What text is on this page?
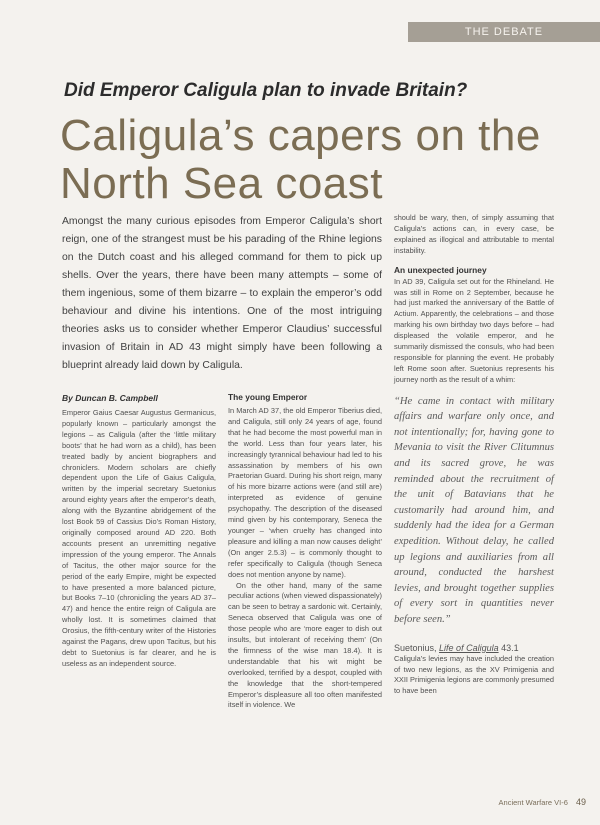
THE DEBATE
Did Emperor Caligula plan to invade Britain?
Caligula’s capers on the North Sea coast
Amongst the many curious episodes from Emperor Caligula’s short reign, one of the strangest must be his parading of the Rhine legions on the Dutch coast and his alleged command for them to pick up shells. Over the years, there have been many attempts – some of them ingenious, some of them bizarre – to explain the emperor’s odd behaviour and divine his intentions. One of the most intriguing theories asks us to consider whether Emperor Claudius’ successful invasion of Britain in AD 43 might simply have been following a blueprint already laid down by Caligula.
By Duncan B. Campbell

Emperor Gaius Caesar Augustus Germanicus, popularly known – particularly amongst the legions – as Caligula (after the ‘little military boots’ that he had worn as a child), has been treated badly by ancient biographers and chroniclers. Modern scholars are chiefly dependent upon the Life of Gaius Caligula, written by the imperial secretary Suetonius around eighty years after the emperor’s death, along with the Byzantine abridgement of the lost Book 59 of Cassius Dio’s Roman History, originally composed around AD 220. Both accounts present an unremitting negative impression of the young emperor. The Annals of Tacitus, the other major source for the period of the early Empire, might be expected to have presented a more balanced picture, but Books 7–10 (chronicling the years AD 37–47) and hence the entire reign of Caligula are wholly lost. It is sometimes claimed that Orosius, the fifth-century writer of the Histories against the Pagans, drew upon Tacitus, but his debt to Suetonius is far clearer, and he is useless as an independent source.

The young Emperor

In March AD 37, the old Emperor Tiberius died, and Caligula, still only 24 years of age, found that he had become the most powerful man in the world. Less than four years later, his increasingly tyrannical behaviour had led to his assassination by members of his own Praetorian Guard. During his short reign, many of his more bizarre actions were (and still are) interpreted as evidence of genuine psychopathy. The description of the diseased mind given by his contemporary, Seneca the younger – ‘when cruelty has changed into pleasure and killing a man now causes delight’ (On anger 2.5.3) – is commonly thought to refer specifically to Caligula (though Seneca does not mention anyone by name).

On the other hand, many of the same peculiar actions (when viewed dispassionately) can be seen to betray a sardonic wit. Certainly, Seneca observed that Caligula was one of those people who are ‘more eager to dish out insults, but intolerant of receiving them’ (On the firmness of the wise man 18.4). It is understandable that his wit might be overlooked, terrified by a despot, coupled with the knowledge that the short-tempered Emperor’s displeasure all too often manifested itself in violence. We

should be wary, then, of simply assuming that Caligula’s actions can, in every case, be explained as illogical and attributable to mental instability.

An unexpected journey

In AD 39, Caligula set out for the Rhineland. He was still in Rome on 2 September, because he had just marked the anniversary of the Battle of Actium. Apparently, the celebrations – and those marking his own birthday two days before – had displeased the volatile emperor, and he summarily dismissed the consuls, who had been responsible for planning the event. He probably left Rome soon after. Suetonius represents his journey north as the result of a whim:

“He came in contact with military affairs and warfare only once, and not intentionally; for, having gone to Mevania to visit the River Clitumnus and its sacred grove, he was reminded about the recruitment of the unit of Batavians that he customarily had around him, and suddenly had the idea for a German expedition. Without delay, he called up legions and auxiliaries from all around, conducted the harshest levies, and brought together supplies of every sort in quantities never before seen.”
Suetonius, Life of Caligula 43.1

Caligula’s levies may have included the creation of two new legions, as the XV Primigenia and XXII Primigenia legions are commonly presumed to have been

Ancient Warfare VI-6 49
